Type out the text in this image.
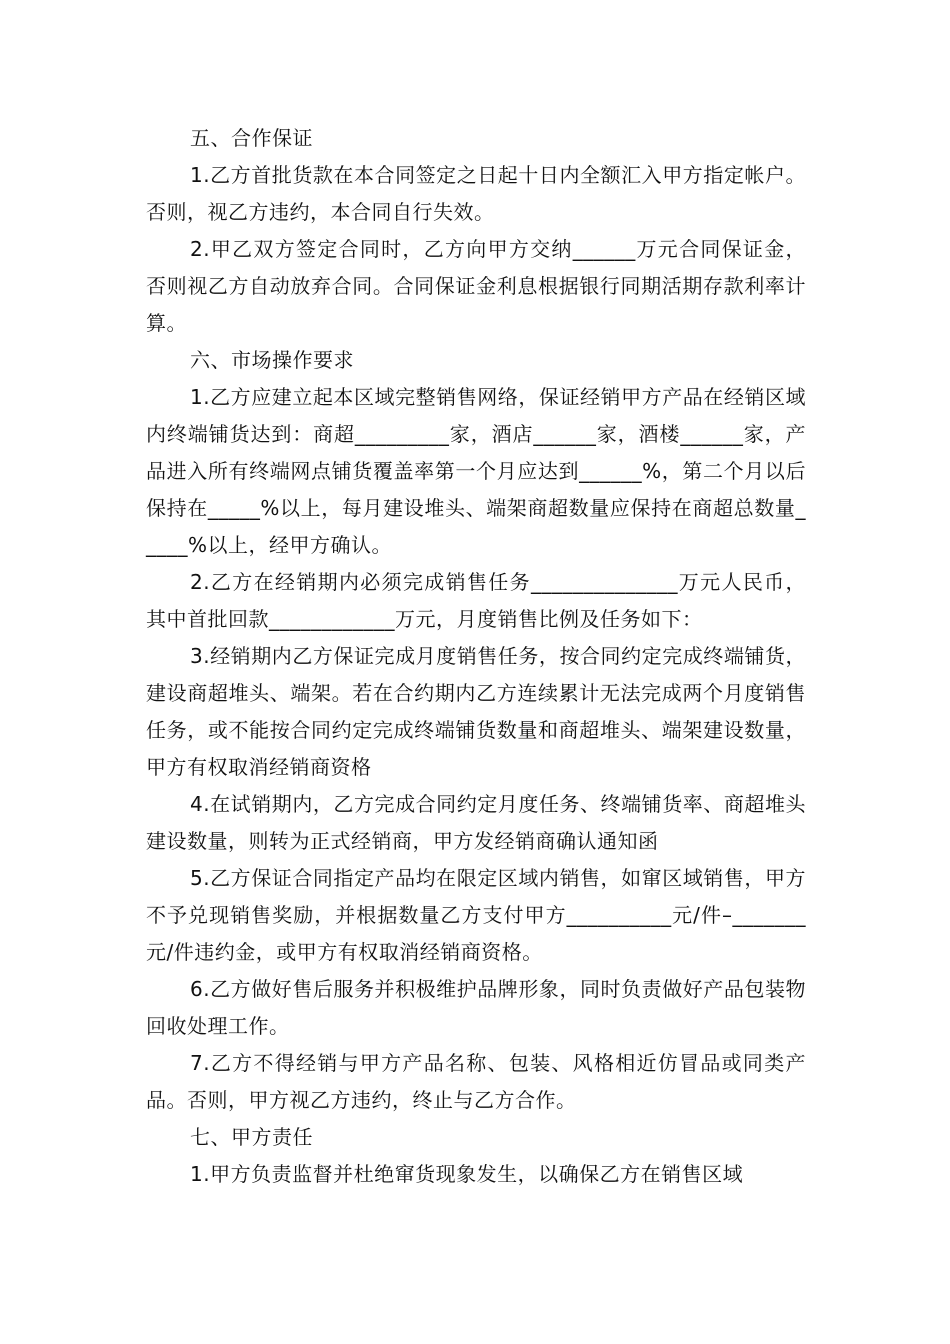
五、合作保证

1.乙方首批货款在本合同签定之日起十日内全额汇入甲方指定帐户。否则，视乙方违约，本合同自行失效。

2.甲乙双方签定合同时，乙方向甲方交纳______万元合同保证金，否则视乙方自动放弃合同。合同保证金利息根据银行同期活期存款利率计算。

六、市场操作要求

1.乙方应建立起本区域完整销售网络，保证经销甲方产品在经销区域内终端铺货达到：商超_________家，酒店______家，酒楼______家，产品进入所有终端网点铺货覆盖率第一个月应达到______%，第二个月以后保持在_____%以上，每月建设堆头、端架商超数量应保持在商超总数量_____%以上，经甲方确认。

2.乙方在经销期内必须完成销售任务______________万元人民币，其中首批回款____________万元，月度销售比例及任务如下：

3.经销期内乙方保证完成月度销售任务，按合同约定完成终端铺货，建设商超堆头、端架。若在合约期内乙方连续累计无法完成两个月度销售任务，或不能按合同约定完成终端铺货数量和商超堆头、端架建设数量，甲方有权取消经销商资格

4.在试销期内，乙方完成合同约定月度任务、终端铺货率、商超堆头建设数量，则转为正式经销商，甲方发经销商确认通知函

5.乙方保证合同指定产品均在限定区域内销售，如窜区域销售，甲方不予兑现销售奖励，并根据数量乙方支付甲方__________元/件–_______元/件违约金，或甲方有权取消经销商资格。

6.乙方做好售后服务并积极维护品牌形象，同时负责做好产品包装物回收处理工作。

7.乙方不得经销与甲方产品名称、包装、风格相近仿冒品或同类产品。否则，甲方视乙方违约，终止与乙方合作。

七、甲方责任

1.甲方负责监督并杜绝窜货现象发生，以确保乙方在销售区域
